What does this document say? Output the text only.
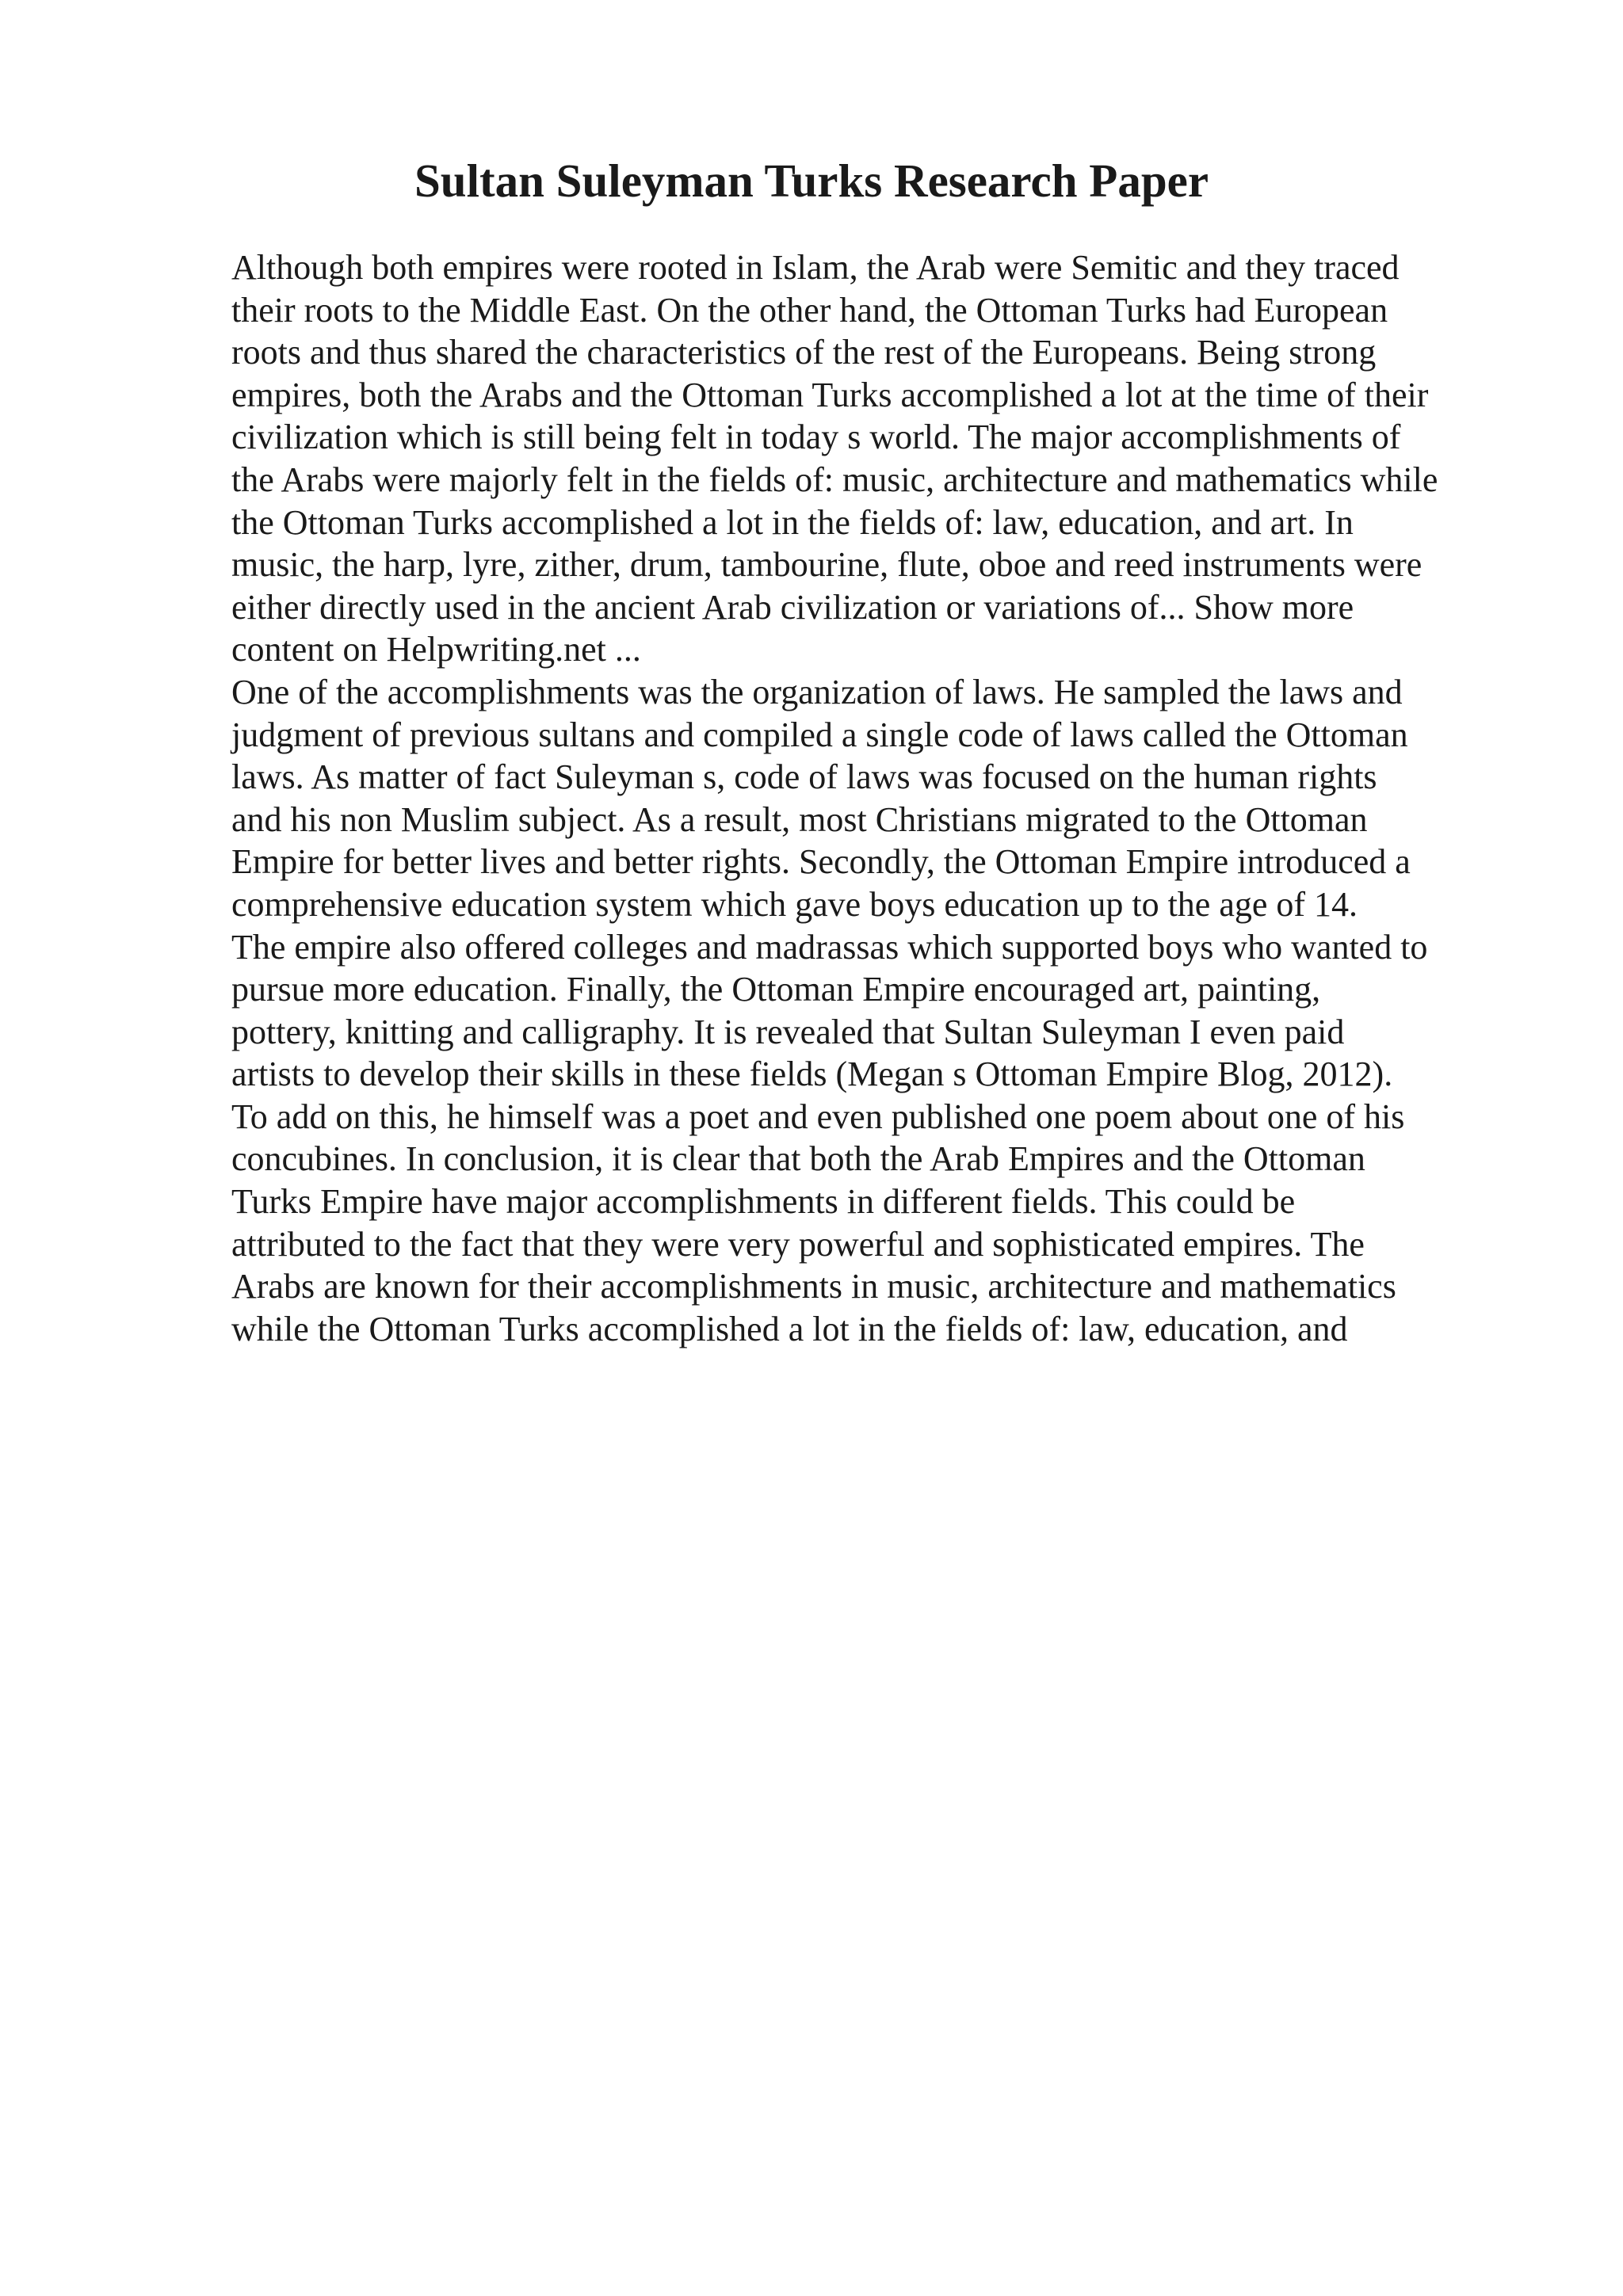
Sultan Suleyman Turks Research Paper
Although both empires were rooted in Islam, the Arab were Semitic and they traced
their roots to the Middle East. On the other hand, the Ottoman Turks had European
roots and thus shared the characteristics of the rest of the Europeans. Being strong
empires, both the Arabs and the Ottoman Turks accomplished a lot at the time of their
civilization which is still being felt in today s world. The major accomplishments of
the Arabs were majorly felt in the fields of: music, architecture and mathematics while
the Ottoman Turks accomplished a lot in the fields of: law, education, and art. In
music, the harp, lyre, zither, drum, tambourine, flute, oboe and reed instruments were
either directly used in the ancient Arab civilization or variations of... Show more
content on Helpwriting.net ...
One of the accomplishments was the organization of laws. He sampled the laws and
judgment of previous sultans and compiled a single code of laws called the Ottoman
laws. As matter of fact Suleyman s, code of laws was focused on the human rights
and his non Muslim subject. As a result, most Christians migrated to the Ottoman
Empire for better lives and better rights. Secondly, the Ottoman Empire introduced a
comprehensive education system which gave boys education up to the age of 14.
The empire also offered colleges and madrassas which supported boys who wanted to
pursue more education. Finally, the Ottoman Empire encouraged art, painting,
pottery, knitting and calligraphy. It is revealed that Sultan Suleyman I even paid
artists to develop their skills in these fields (Megan s Ottoman Empire Blog, 2012).
To add on this, he himself was a poet and even published one poem about one of his
concubines. In conclusion, it is clear that both the Arab Empires and the Ottoman
Turks Empire have major accomplishments in different fields. This could be
attributed to the fact that they were very powerful and sophisticated empires. The
Arabs are known for their accomplishments in music, architecture and mathematics
while the Ottoman Turks accomplished a lot in the fields of: law, education, and
